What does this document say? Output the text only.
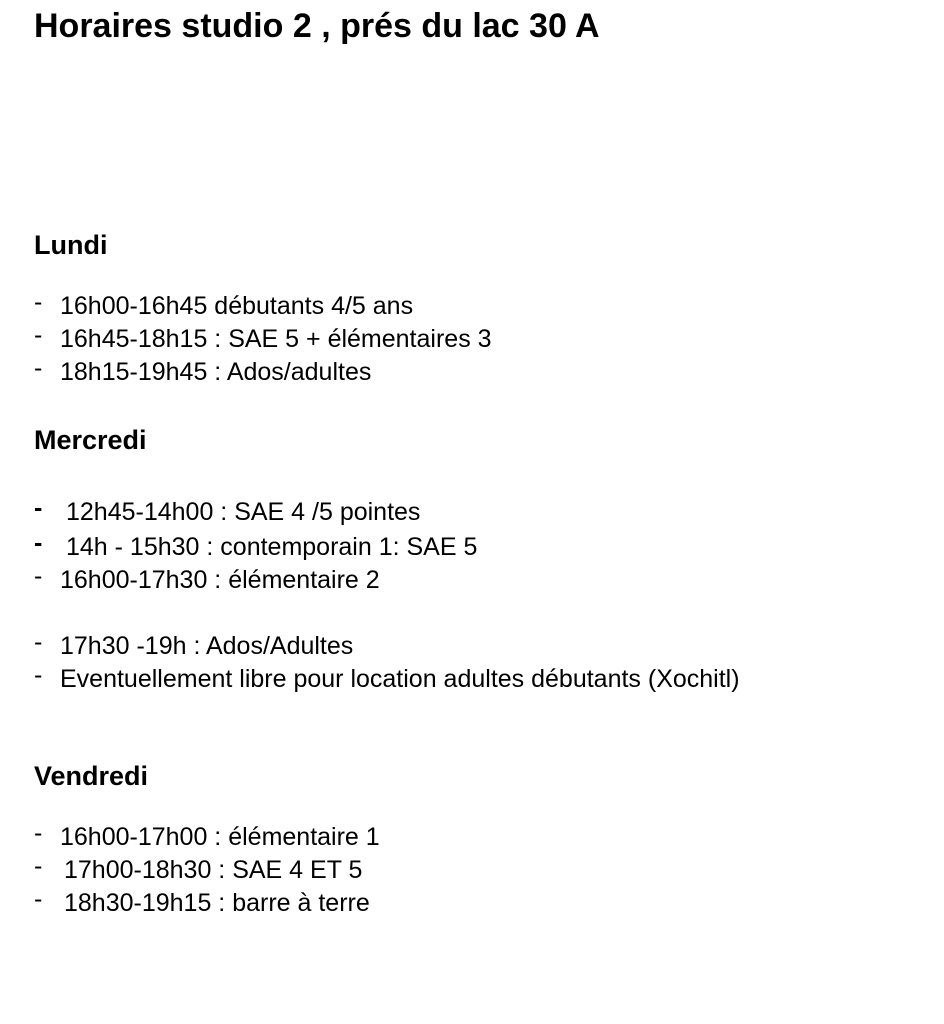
Horaires studio 2 , prés du lac 30 A
Lundi
- 16h00-16h45 débutants 4/5 ans
- 16h45-18h15 : SAE 5 + élémentaires 3
- 18h15-19h45 : Ados/adultes
Mercredi
- 12h45-14h00 : SAE 4 /5 pointes
- 14h - 15h30 : contemporain 1: SAE 5
- 16h00-17h30 : élémentaire 2
- 17h30 -19h : Ados/Adultes
- Eventuellement libre pour location adultes débutants (Xochitl)
Vendredi
- 16h00-17h00 : élémentaire 1
- 17h00-18h30 : SAE 4 ET 5
- 18h30-19h15 : barre à terre
